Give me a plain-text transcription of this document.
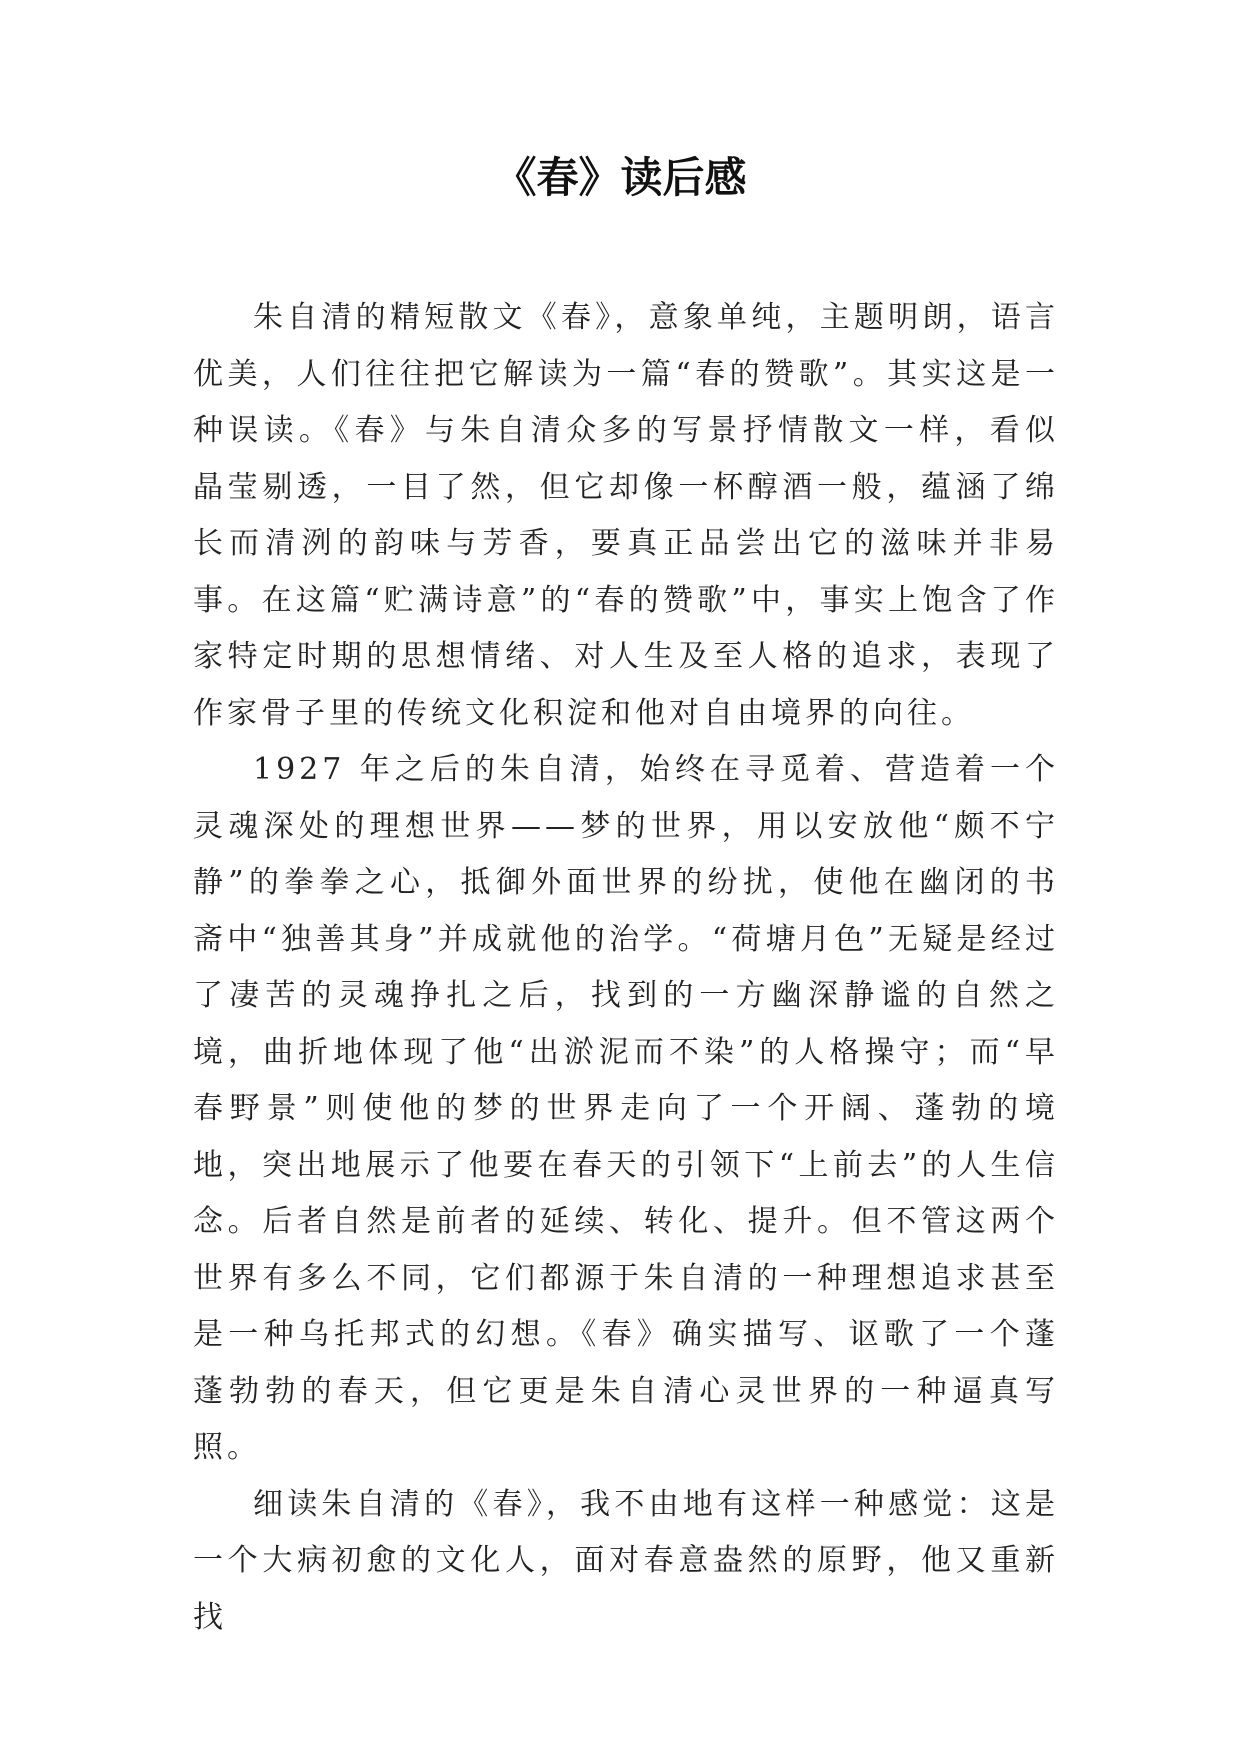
《春》读后感

朱自清的精短散文《春》，意象单纯，主题明朗，语言优美，人们往往把它解读为一篇“春的赞歌”。其实这是一种误读。《春》与朱自清众多的写景抒情散文一样，看似晶莹剔透，一目了然，但它却像一杯醇酒一般，蕴涵了绵长而清洌的韵味与芳香，要真正品尝出它的滋味并非易事。在这篇“贮满诗意”的“春的赞歌”中，事实上饱含了作家特定时期的思想情绪、对人生及至人格的追求，表现了作家骨子里的传统文化积淀和他对自由境界的向往。

1927 年之后的朱自清，始终在寻觅着、营造着一个灵魂深处的理想世界——梦的世界，用以安放他“颇不宁静”的拳拳之心，抵御外面世界的纷扰，使他在幽闭的书斋中“独善其身”并成就他的治学。“荷塘月色”无疑是经过了凄苦的灵魂挣扎之后，找到的一方幽深静谧的自然之境，曲折地体现了他“出淤泥而不染”的人格操守；而“早春野景”则使他的梦的世界走向了一个开阔、蓬勃的境地，突出地展示了他要在春天的引领下“上前去”的人生信念。后者自然是前者的延续、转化、提升。但不管这两个世界有多么不同，它们都源于朱自清的一种理想追求甚至是一种乌托邦式的幻想。《春》确实描写、讴歌了一个蓬蓬勃勃的春天，但它更是朱自清心灵世界的一种逼真写照。

细读朱自清的《春》，我不由地有这样一种感觉：这是一个大病初愈的文化人，面对春意盎然的原野，他又重新找
